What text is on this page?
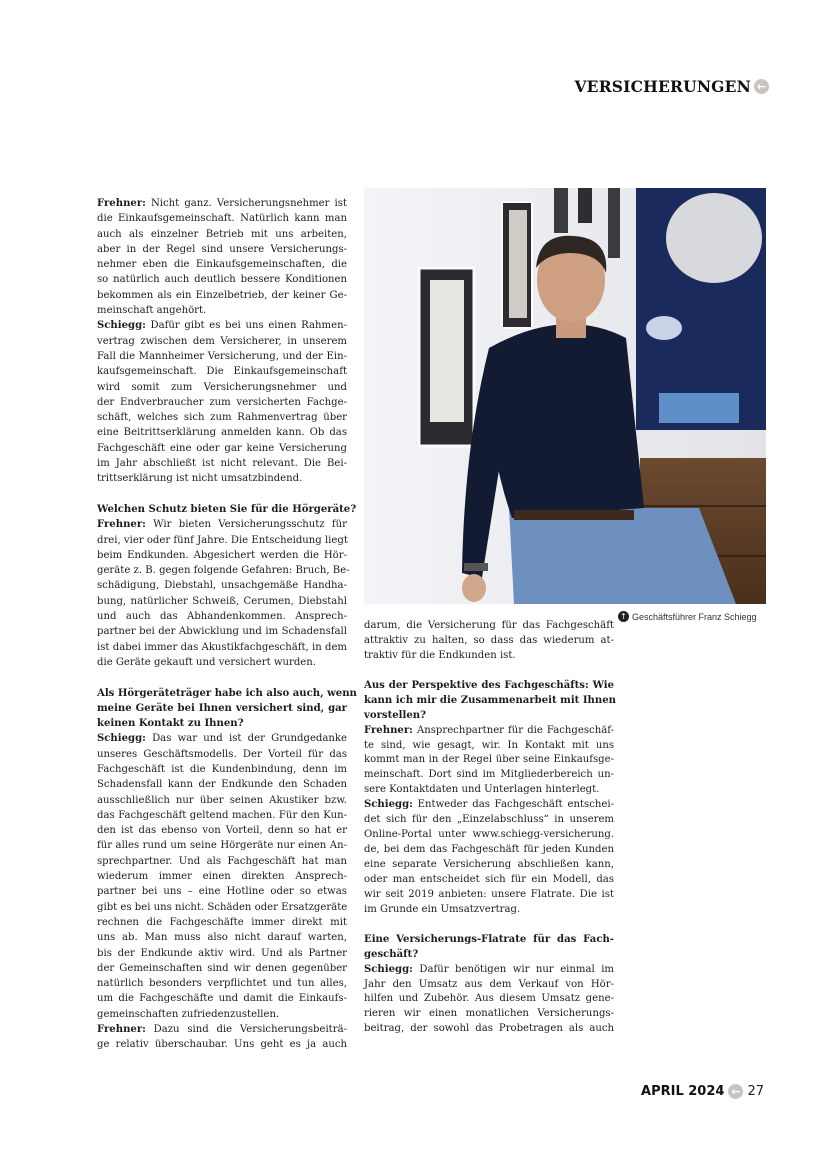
VERSICHERUNGEN ←
Frehner: Nicht ganz. Versicherungsnehmer ist
die Einkaufsgemeinschaft. Natürlich kann man
auch als einzelner Betrieb mit uns arbeiten,
aber in der Regel sind unsere Versicherungs-
nehmer eben die Einkaufsgemeinschaften, die
so natürlich auch deutlich bessere Konditionen
bekommen als ein Einzelbetrieb, der keiner Ge-
meinschaft angehört.
Schiegg: Dafür gibt es bei uns einen Rahmen-
vertrag zwischen dem Versicherer, in unserem
Fall die Mannheimer Versicherung, und der Ein-
kaufsgemeinschaft. Die Einkaufsgemeinschaft
wird somit zum Versicherungsnehmer und
der Endverbraucher zum versicherten Fachge-
schäft, welches sich zum Rahmenvertrag über
eine Beitrittserklärung anmelden kann. Ob das
Fachgeschäft eine oder gar keine Versicherung
im Jahr abschließt ist nicht relevant. Die Bei-
trittserklärung ist nicht umsatzbindend.
Welchen Schutz bieten Sie für die Hörgeräte?
Frehner: Wir bieten Versicherungsschutz für
drei, vier oder fünf Jahre. Die Entscheidung liegt
beim Endkunden. Abgesichert werden die Hör-
geräte z. B. gegen folgende Gefahren: Bruch, Be-
schädigung, Diebstahl, unsachgemäße Handha-
bung, natürlicher Schweiß, Cerumen, Diebstahl
und auch das Abhandenkommen. Ansprech-
partner bei der Abwicklung und im Schadensfall
ist dabei immer das Akustikfachgeschäft, in dem
die Geräte gekauft und versichert wurden.
Als Hörgeräteträger habe ich also auch, wenn
meine Geräte bei Ihnen versichert sind, gar
keinen Kontakt zu Ihnen?
Schiegg: Das war und ist der Grundgedanke
unseres Geschäftsmodells. Der Vorteil für das
Fachgeschäft ist die Kundenbindung, denn im
Schadensfall kann der Endkunde den Schaden
ausschließlich nur über seinen Akustiker bzw.
das Fachgeschäft geltend machen. Für den Kun-
den ist das ebenso von Vorteil, denn so hat er
für alles rund um seine Hörgeräte nur einen An-
sprechpartner. Und als Fachgeschäft hat man
wiederum immer einen direkten Ansprech-
partner bei uns – eine Hotline oder so etwas
gibt es bei uns nicht. Schäden oder Ersatzgeräte
rechnen die Fachgeschäfte immer direkt mit
uns ab. Man muss also nicht darauf warten,
bis der Endkunde aktiv wird. Und als Partner
der Gemeinschaften sind wir denen gegenüber
natürlich besonders verpflichtet und tun alles,
um die Fachgeschäfte und damit die Einkaufs-
gemeinschaften zufriedenzustellen.
Frehner: Dazu sind die Versicherungsbeiträ-
ge relativ überschaubar. Uns geht es ja auch
↑ Geschäftsführer Franz Schiegg
darum, die Versicherung für das Fachgeschäft
attraktiv zu halten, so dass das wiederum at-
traktiv für die Endkunden ist.
Aus der Perspektive des Fachgeschäfts: Wie
kann ich mir die Zusammenarbeit mit Ihnen
vorstellen?
Frehner: Ansprechpartner für die Fachgeschäf-
te sind, wie gesagt, wir. In Kontakt mit uns
kommt man in der Regel über seine Einkaufsge-
meinschaft. Dort sind im Mitgliederbereich un-
sere Kontaktdaten und Unterlagen hinterlegt.
Schiegg: Entweder das Fachgeschäft entschei-
det sich für den „Einzelabschluss“ in unserem
Online-Portal unter www.schiegg-versicherung.
de, bei dem das Fachgeschäft für jeden Kunden
eine separate Versicherung abschließen kann,
oder man entscheidet sich für ein Modell, das
wir seit 2019 anbieten: unsere Flatrate. Die ist
im Grunde ein Umsatzvertrag.
Eine Versicherungs-Flatrate für das Fach-
geschäft?
Schiegg: Dafür benötigen wir nur einmal im
Jahr den Umsatz aus dem Verkauf von Hör-
hilfen und Zubehör. Aus diesem Umsatz gene-
rieren wir einen monatlichen Versicherungs-
beitrag, der sowohl das Probetragen als auch
APRIL 2024 ← 27
